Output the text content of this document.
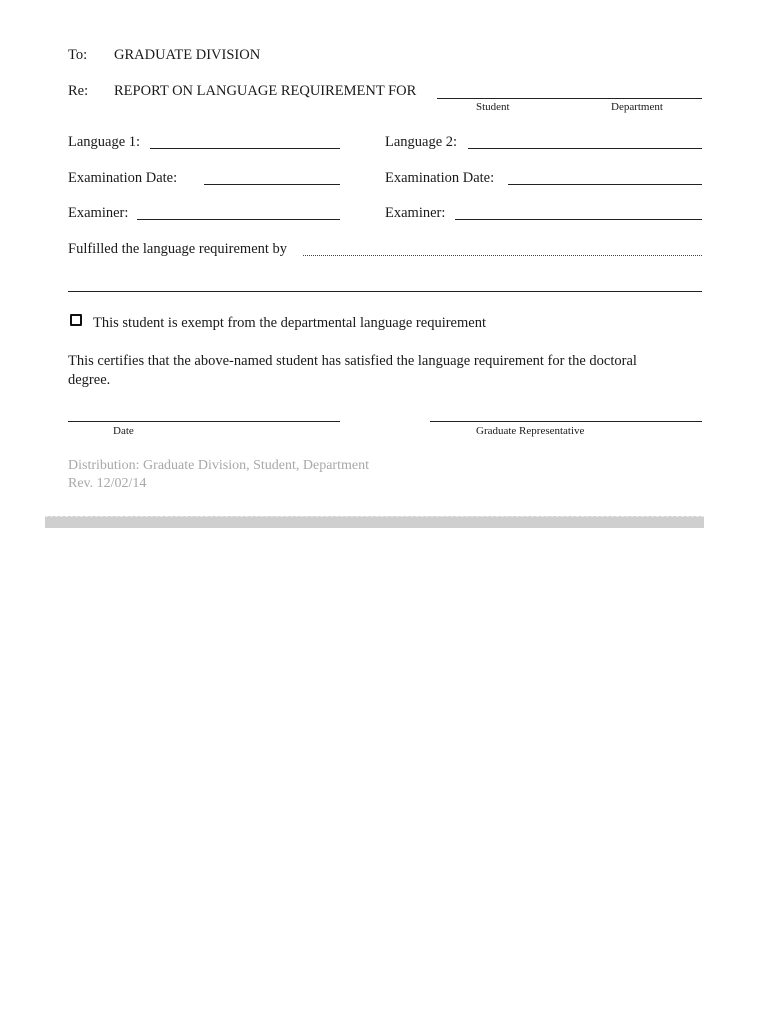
To: GRADUATE DIVISION
Re: REPORT ON LANGUAGE REQUIREMENT FOR
Student	Department
Language 1:	Language 2:
Examination Date:	Examination Date:
Examiner:	Examiner:
Fulfilled the language requirement by
This student is exempt from the departmental language requirement
This certifies that the above-named student has satisfied the language requirement for the doctoral
degree.
Date	Graduate Representative
Distribution: Graduate Division, Student, Department
Rev. 12/02/14
